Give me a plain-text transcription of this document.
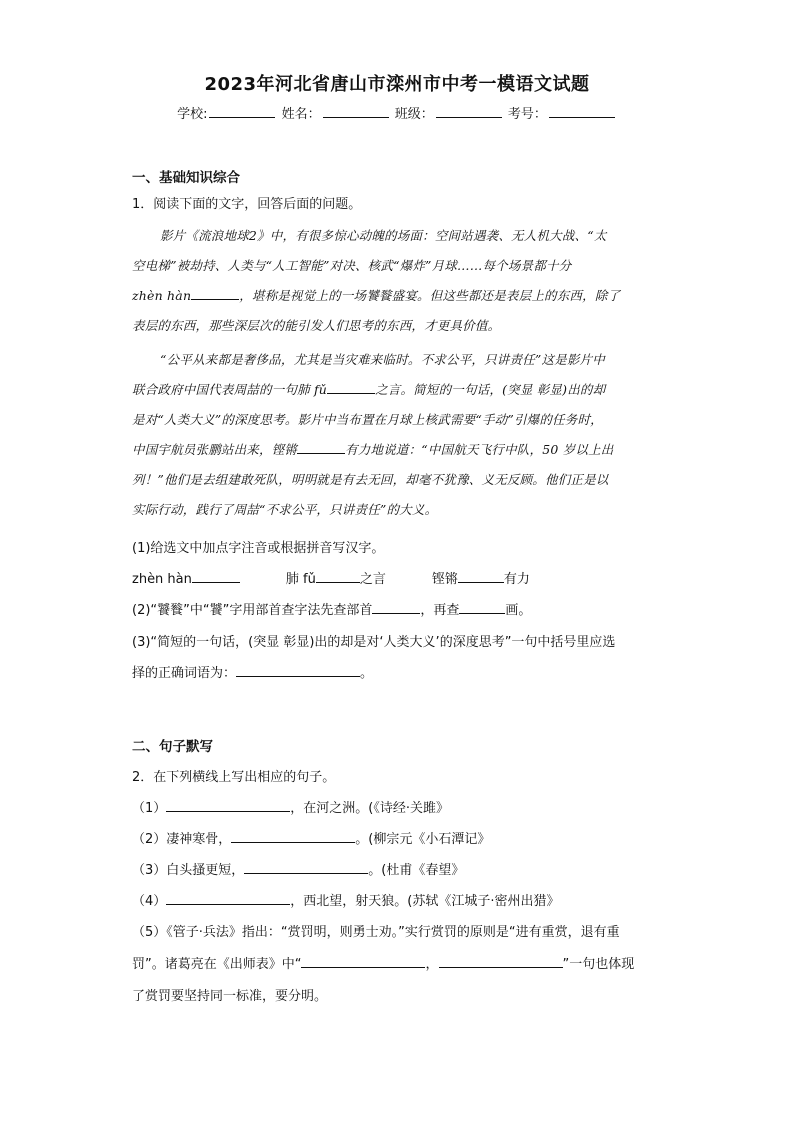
2023年河北省唐山市滦州市中考一模语文试题
学校:	姓名：	班级：	考号：
一、基础知识综合
1．阅读下面的文字，回答后面的问题。
影片《流浪地球2》中，有很多惊心动魄的场面：空间站遇袭、无人机大战、“太
空电梯”被劫持、人类与“人工智能”对决、核武“爆炸”月球……每个场景都十分
zhèn hàn	，堪称是视觉上的一场饕餮盛宴。但这些都还是表层上的东西，除了
表层的东西，那些深层次的能引发人们思考的东西，才更具价值。
“公平从来都是奢侈品，尤其是当灾难来临时。不求公平，只讲责任”这是影片中
联合政府中国代表周喆的一句肺 fǔ	之言。简短的一句话，(突显 彰显)出的却
是对“人类大义”的深度思考。影片中当布置在月球上核武需要“手动”引爆的任务时，
中国宇航员张鹏站出来，铿锵	有力地说道：“中国航天飞行中队，50 岁以上出
列！”他们是去组建敢死队，明明就是有去无回，却毫不犹豫、义无反顾。他们正是以
实际行动，践行了周喆“不求公平，只讲责任”的大义。
(1)给选文中加点字注音或根据拼音写汉字。
zhèn hàn	肺 fǔ	之言	铿锵	有力
(2)“饕餮”中“饕”字用部首查字法先查部首	，再查	画。
(3)“简短的一句话，(突显 彰显)出的却是对‘人类大义’的深度思考”一句中括号里应选
择的正确词语为：	。
二、句子默写
2．在下列横线上写出相应的句子。
（1）	，在河之洲。(《诗经·关雎》
（2）凄神寒骨，	。(柳宗元《小石潭记》
（3）白头搔更短，	。(杜甫《春望》
（4）	，西北望，射天狼。(苏轼《江城子·密州出猎》
（5）《管子·兵法》指出：“赏罚明，则勇士劝。”实行赏罚的原则是“进有重赏，退有重
罚”。诸葛亮在《出师表》中“	，	”一句也体现
了赏罚要坚持同一标准，要分明。
